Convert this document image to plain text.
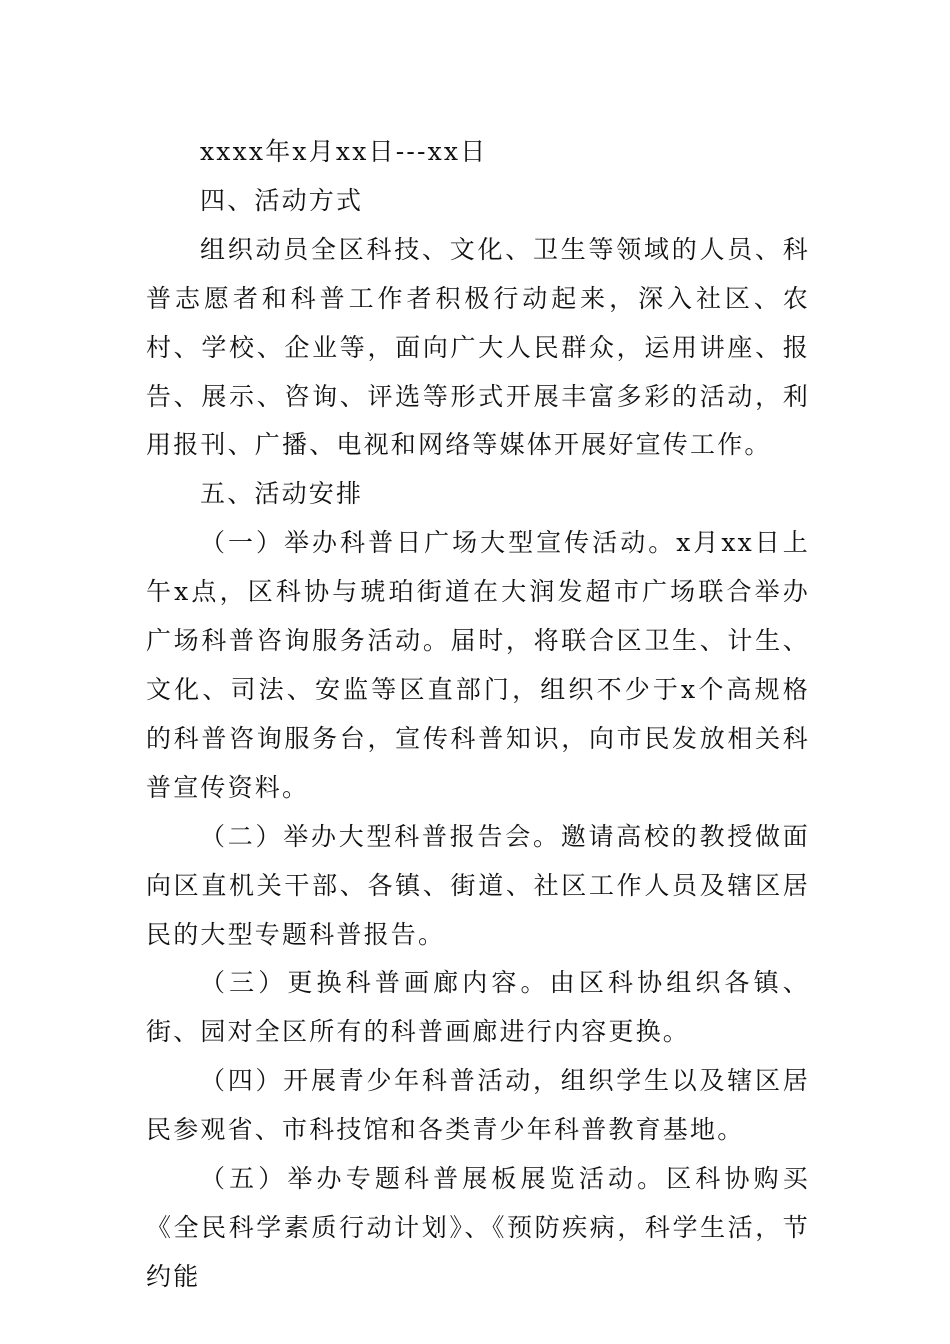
xxxx年x月xx日---xx日

四、活动方式

组织动员全区科技、文化、卫生等领域的人员、科普志愿者和科普工作者积极行动起来，深入社区、农村、学校、企业等，面向广大人民群众，运用讲座、报告、展示、咨询、评选等形式开展丰富多彩的活动，利用报刊、广播、电视和网络等媒体开展好宣传工作。

五、活动安排

（一）举办科普日广场大型宣传活动。x月xx日上午x点，区科协与琥珀街道在大润发超市广场联合举办广场科普咨询服务活动。届时，将联合区卫生、计生、文化、司法、安监等区直部门，组织不少于x个高规格的科普咨询服务台，宣传科普知识，向市民发放相关科普宣传资料。

（二）举办大型科普报告会。邀请高校的教授做面向区直机关干部、各镇、街道、社区工作人员及辖区居民的大型专题科普报告。

（三）更换科普画廊内容。由区科协组织各镇、街、园对全区所有的科普画廊进行内容更换。

（四）开展青少年科普活动，组织学生以及辖区居民参观省、市科技馆和各类青少年科普教育基地。

（五）举办专题科普展板展览活动。区科协购买《全民科学素质行动计划》、《预防疾病，科学生活，节约能
